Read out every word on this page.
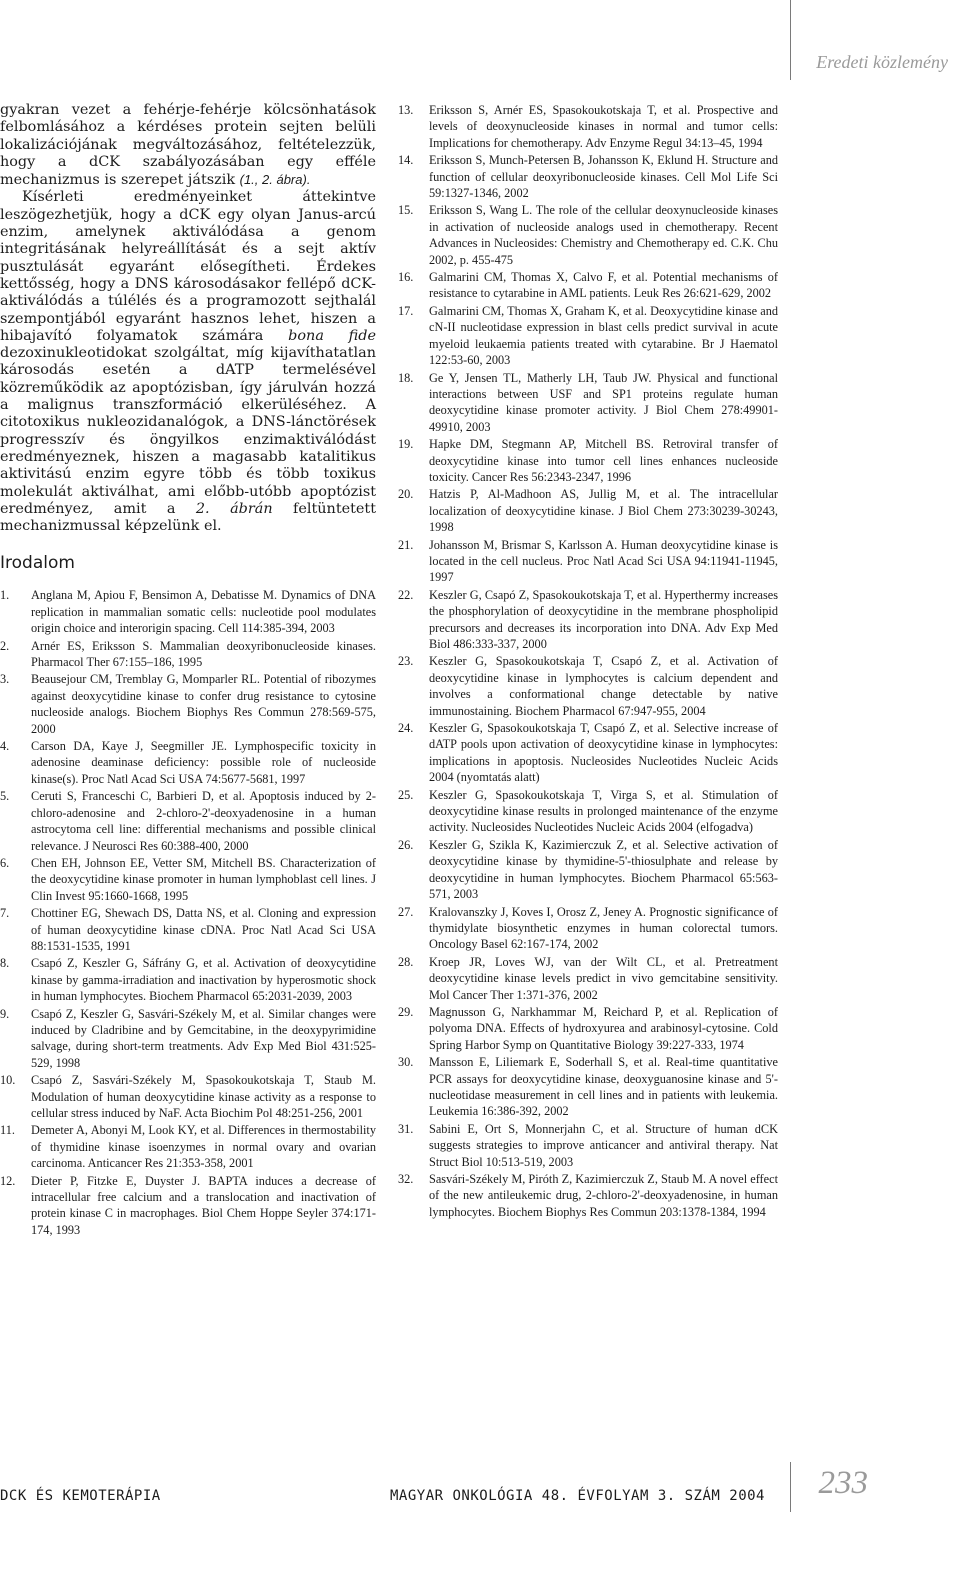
Eredeti közlemény

gyakran vezet a fehérje-fehérje kölcsönhatások felbomlásához a kérdéses protein sejten belüli lokalizációjának megváltozásához, feltételezzük, hogy a dCK szabályozásában egy efféle mechanizmus is szerepet játszik (1., 2. ábra).

Kísérleti eredményeinket áttekintve leszögezhetjük, hogy a dCK egy olyan Janus-arcú enzim, amelynek aktiválódása a genom integritásának helyreállítását és a sejt aktív pusztulását egyaránt elősegítheti. Érdekes kettősség, hogy a DNS károsodásakor fellépő dCK-aktiválódás a túlélés és a programozott sejthalál szempontjából egyaránt hasznos lehet, hiszen a hibajavító folyamatok számára bona fide dezoxinukleotidokat szolgáltat, míg kijavíthatatlan károsodás esetén a dATP termelésével közreműködik az apoptózisban, így járulván hozzá a malignus transzformáció elkerüléséhez. A citotoxikus nukleozidanalógok, a DNS-lánctörések progresszív és öngyilkos enzimaktiválódást eredményeznek, hiszen a magasabb katalitikus aktivitású enzim egyre több és több toxikus molekulát aktiválhat, ami előbb-utóbb apoptózist eredményez, amit a 2. ábrán feltüntetett mechanizmussal képzelünk el.

Irodalom
1.	Anglana M, Apiou F, Bensimon A, Debatisse M. Dynamics of DNA replication in mammalian somatic cells: nucleotide pool modulates origin choice and interorigin spacing. Cell 114:385-394, 2003
2.	Arnér ES, Eriksson S. Mammalian deoxyribonucleoside kinases. Pharmacol Ther 67:155–186, 1995
3.	Beausejour CM, Tremblay G, Momparler RL. Potential of ribozymes against deoxycytidine kinase to confer drug resistance to cytosine nucleoside analogs. Biochem Biophys Res Commun 278:569-575, 2000
4.	Carson DA, Kaye J, Seegmiller JE. Lymphospecific toxicity in adenosine deaminase deficiency: possible role of nucleoside kinase(s). Proc Natl Acad Sci USA 74:5677-5681, 1997
5.	Ceruti S, Franceschi C, Barbieri D, et al. Apoptosis induced by 2-chloro-adenosine and 2-chloro-2'-deoxyadenosine in a human astrocytoma cell line: differential mechanisms and possible clinical relevance. J Neurosci Res 60:388-400, 2000
6.	Chen EH, Johnson EE, Vetter SM, Mitchell BS. Characterization of the deoxycytidine kinase promoter in human lymphoblast cell lines. J Clin Invest 95:1660-1668, 1995
7.	Chottiner EG, Shewach DS, Datta NS, et al. Cloning and expression of human deoxycytidine kinase cDNA. Proc Natl Acad Sci USA 88:1531-1535, 1991
8.	Csapó Z, Keszler G, Sáfrány G, et al. Activation of deoxycytidine kinase by gamma-irradiation and inactivation by hyperosmotic shock in human lymphocytes. Biochem Pharmacol 65:2031-2039, 2003
9.	Csapó Z, Keszler G, Sasvári-Székely M, et al. Similar changes were induced by Cladribine and by Gemcitabine, in the deoxypyrimidine salvage, during short-term treatments. Adv Exp Med Biol 431:525-529, 1998
10.	Csapó Z, Sasvári-Székely M, Spasokoukotskaja T, Staub M. Modulation of human deoxycytidine kinase activity as a response to cellular stress induced by NaF. Acta Biochim Pol 48:251-256, 2001
11.	Demeter A, Abonyi M, Look KY, et al. Differences in thermostability of thymidine kinase isoenzymes in normal ovary and ovarian carcinoma. Anticancer Res 21:353-358, 2001
12.	Dieter P, Fitzke E, Duyster J. BAPTA induces a decrease of intracellular free calcium and a translocation and inactivation of protein kinase C in macrophages. Biol Chem Hoppe Seyler 374:171-174, 1993
13.	Eriksson S, Arnér ES, Spasokoukotskaja T, et al. Prospective and levels of deoxynucleoside kinases in normal and tumor cells: Implications for chemotherapy. Adv Enzyme Regul 34:13–45, 1994
14.	Eriksson S, Munch-Petersen B, Johansson K, Eklund H. Structure and function of cellular deoxyribonucleoside kinases. Cell Mol Life Sci 59:1327-1346, 2002
15.	Eriksson S, Wang L. The role of the cellular deoxynucleoside kinases in activation of nucleoside analogs used in chemotherapy. Recent Advances in Nucleosides: Chemistry and Chemotherapy ed. C.K. Chu 2002, p. 455-475
16.	Galmarini CM, Thomas X, Calvo F, et al. Potential mechanisms of resistance to cytarabine in AML patients. Leuk Res 26:621-629, 2002
17.	Galmarini CM, Thomas X, Graham K, et al. Deoxycytidine kinase and cN-II nucleotidase expression in blast cells predict survival in acute myeloid leukaemia patients treated with cytarabine. Br J Haematol 122:53-60, 2003
18.	Ge Y, Jensen TL, Matherly LH, Taub JW. Physical and functional interactions between USF and SP1 proteins regulate human deoxycytidine kinase promoter activity. J Biol Chem 278:49901-49910, 2003
19.	Hapke DM, Stegmann AP, Mitchell BS. Retroviral transfer of deoxycytidine kinase into tumor cell lines enhances nucleoside toxicity. Cancer Res 56:2343-2347, 1996
20.	Hatzis P, Al-Madhoon AS, Jullig M, et al. The intracellular localization of deoxycytidine kinase. J Biol Chem 273:30239-30243, 1998
21.	Johansson M, Brismar S, Karlsson A. Human deoxycytidine kinase is located in the cell nucleus. Proc Natl Acad Sci USA 94:11941-11945, 1997
22.	Keszler G, Csapó Z, Spasokoukotskaja T, et al. Hyperthermy increases the phosphorylation of deoxycytidine in the membrane phospholipid precursors and decreases its incorporation into DNA. Adv Exp Med Biol 486:333-337, 2000
23.	Keszler G, Spasokoukotskaja T, Csapó Z, et al. Activation of deoxycytidine kinase in lymphocytes is calcium dependent and involves a conformational change detectable by native immunostaining. Biochem Pharmacol 67:947-955, 2004
24.	Keszler G, Spasokoukotskaja T, Csapó Z, et al. Selective increase of dATP pools upon activation of deoxycytidine kinase in lymphocytes: implications in apoptosis. Nucleosides Nucleotides Nucleic Acids 2004 (nyomtatás alatt)
25.	Keszler G, Spasokoukotskaja T, Virga S, et al. Stimulation of deoxycytidine kinase results in prolonged maintenance of the enzyme activity. Nucleosides Nucleotides Nucleic Acids 2004 (elfogadva)
26.	Keszler G, Szikla K, Kazimierczuk Z, et al. Selective activation of deoxycytidine kinase by thymidine-5'-thiosulphate and release by deoxycytidine in human lymphocytes. Biochem Pharmacol 65:563-571, 2003
27.	Kralovanszky J, Koves I, Orosz Z, Jeney A. Prognostic significance of thymidylate biosynthetic enzymes in human colorectal tumors. Oncology Basel 62:167-174, 2002
28.	Kroep JR, Loves WJ, van der Wilt CL, et al. Pretreatment deoxycytidine kinase levels predict in vivo gemcitabine sensitivity. Mol Cancer Ther 1:371-376, 2002
29.	Magnusson G, Narkhammar M, Reichard P, et al. Replication of polyoma DNA. Effects of hydroxyurea and arabinosyl-cytosine. Cold Spring Harbor Symp on Quantitative Biology 39:227-333, 1974
30.	Mansson E, Liliemark E, Soderhall S, et al. Real-time quantitative PCR assays for deoxycytidine kinase, deoxyguanosine kinase and 5'-nucleotidase measurement in cell lines and in patients with leukemia. Leukemia 16:386-392, 2002
31.	Sabini E, Ort S, Monnerjahn C, et al. Structure of human dCK suggests strategies to improve anticancer and antiviral therapy. Nat Struct Biol 10:513-519, 2003
32.	Sasvári-Székely M, Piróth Z, Kazimierczuk Z, Staub M. A novel effect of the new antileukemic drug, 2-chloro-2'-deoxyadenosine, in human lymphocytes. Biochem Biophys Res Commun 203:1378-1384, 1994
DCK ÉS KEMOTERÁPIA	MAGYAR ONKOLÓGIA 48. ÉVFOLYAM 3. SZÁM 2004 233
